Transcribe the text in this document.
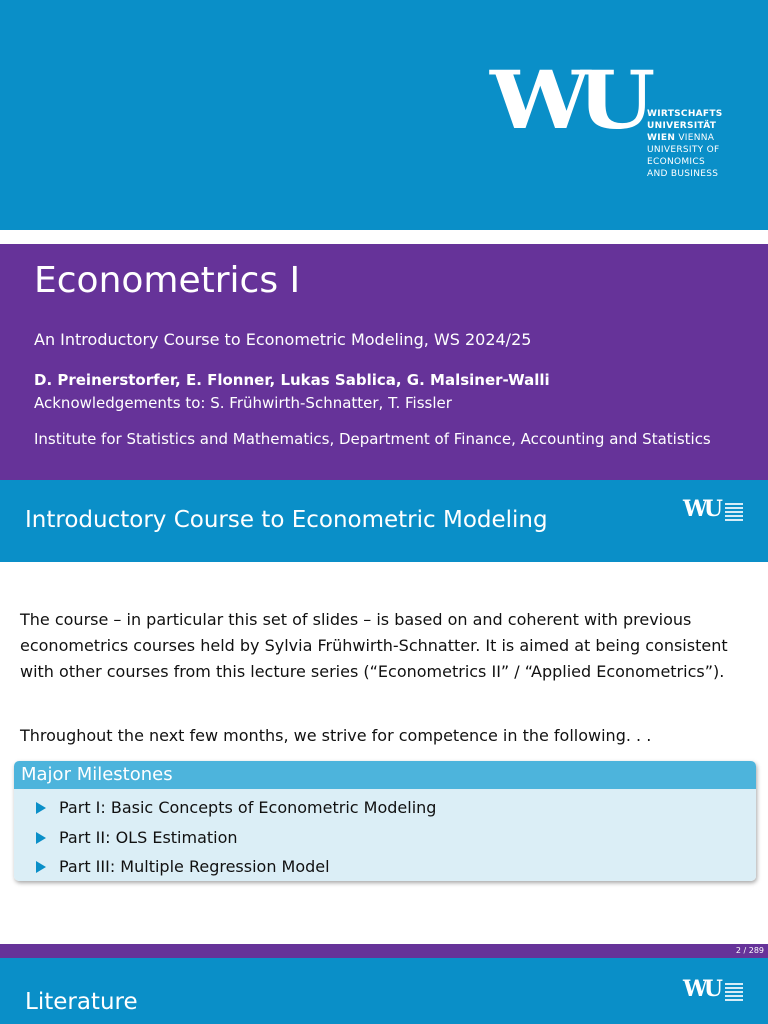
WU WIRTSCHAFTS
UNIVERSITÄT
WIEN VIENNA
UNIVERSITY OF
ECONOMICS
AND BUSINESS
Econometrics I
An Introductory Course to Econometric Modeling, WS 2024/25
D. Preinerstorfer, E. Flonner, Lukas Sablica, G. Malsiner-Walli
Acknowledgements to: S. Frühwirth-Schnatter, T. Fissler
Institute for Statistics and Mathematics, Department of Finance, Accounting and Statistics
Introductory Course to Econometric Modeling	WU
The course – in particular this set of slides – is based on and coherent with previous econometrics courses held by Sylvia Frühwirth-Schnatter. It is aimed at being consistent with other courses from this lecture series (“Econometrics II” / “Applied Econometrics”).
Throughout the next few months, we strive for competence in the following. . .
Major Milestones
Part I: Basic Concepts of Econometric Modeling
Part II: OLS Estimation
Part III: Multiple Regression Model
2 / 289
Literature	WU
